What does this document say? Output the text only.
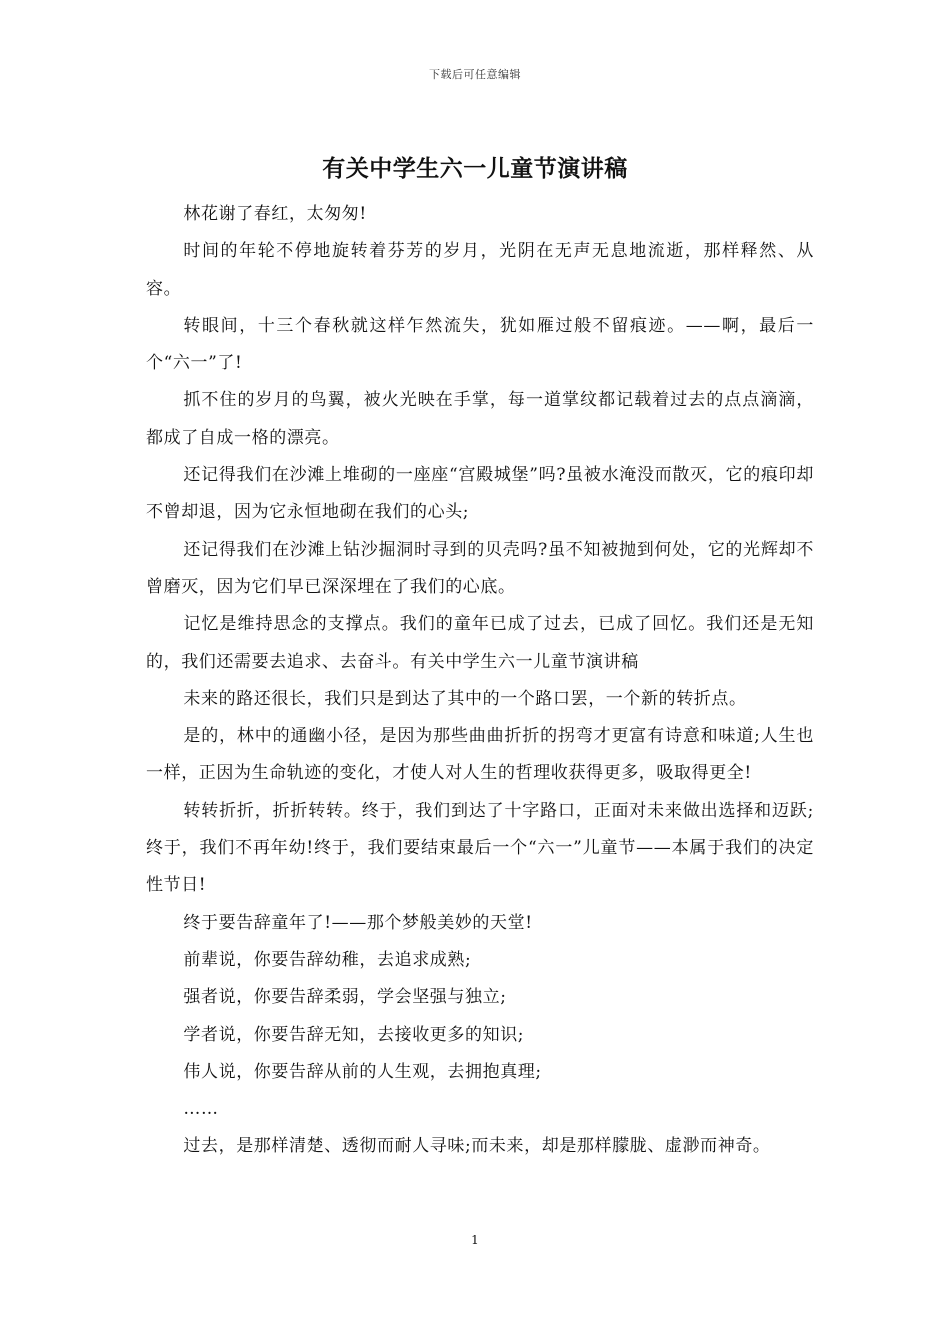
下载后可任意编辑
有关中学生六一儿童节演讲稿

林花谢了春红，太匆匆!

时间的年轮不停地旋转着芬芳的岁月，光阴在无声无息地流逝，那样释然、从容。

转眼间，十三个春秋就这样乍然流失，犹如雁过般不留痕迹。——啊，最后一个“六一”了!

抓不住的岁月的鸟翼，被火光映在手掌，每一道掌纹都记载着过去的点点滴滴，都成了自成一格的漂亮。

还记得我们在沙滩上堆砌的一座座“宫殿城堡”吗?虽被水淹没而散灭，它的痕印却不曾却退，因为它永恒地砌在我们的心头;

还记得我们在沙滩上钻沙掘洞时寻到的贝壳吗?虽不知被抛到何处，它的光辉却不曾磨灭，因为它们早已深深埋在了我们的心底。

记忆是维持思念的支撑点。我们的童年已成了过去，已成了回忆。我们还是无知的，我们还需要去追求、去奋斗。有关中学生六一儿童节演讲稿

未来的路还很长，我们只是到达了其中的一个路口罢，一个新的转折点。

是的，林中的通幽小径，是因为那些曲曲折折的拐弯才更富有诗意和味道;人生也一样，正因为生命轨迹的变化，才使人对人生的哲理收获得更多，吸取得更全!

转转折折，折折转转。终于，我们到达了十字路口，正面对未来做出选择和迈跃;终于，我们不再年幼!终于，我们要结束最后一个“六一”儿童节——本属于我们的决定性节日!

终于要告辞童年了!——那个梦般美妙的天堂!

前辈说，你要告辞幼稚，去追求成熟;

强者说，你要告辞柔弱，学会坚强与独立;

学者说，你要告辞无知，去接收更多的知识;

伟人说，你要告辞从前的人生观，去拥抱真理;

……

过去，是那样清楚、透彻而耐人寻味;而未来，却是那样朦胧、虚渺而神奇。

1
